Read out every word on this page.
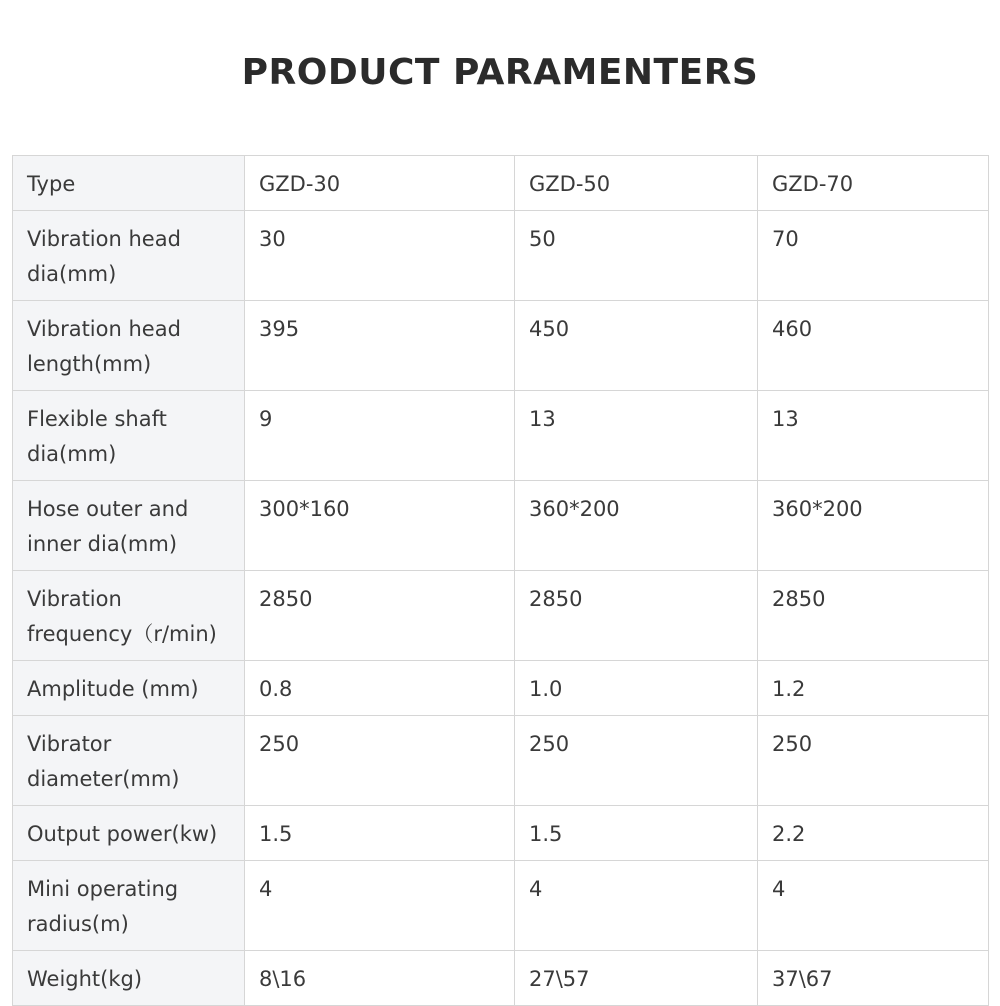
PRODUCT PARAMENTERS
Type	GZD-30	GZD-50	GZD-70
Vibration head dia(mm)	30	50	70
Vibration head length(mm)	395	450	460
Flexible shaft dia(mm)	9	13	13
Hose outer and inner dia(mm)	300*160	360*200	360*200
Vibration frequency（r/min)	2850	2850	2850
Amplitude (mm)	0.8	1.0	1.2
Vibrator diameter(mm)	250	250	250
Output power(kw)	1.5	1.5	2.2
Mini operating radius(m)	4	4	4
Weight(kg)	8\16	27\57	37\67
